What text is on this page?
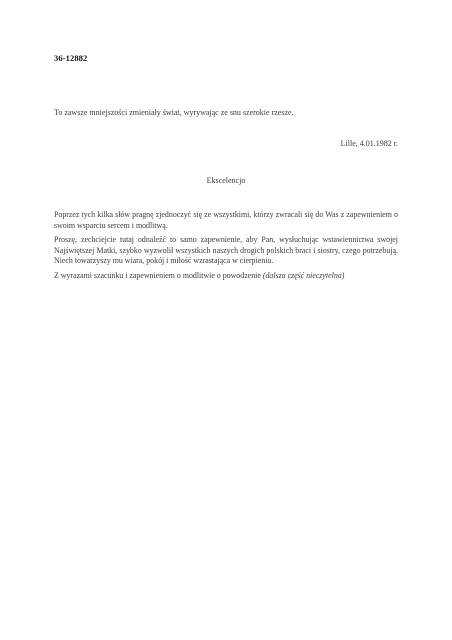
36-12882
To zawsze mniejszości zmieniały świat, wyrywając ze snu szerokie rzesze.
Lille, 4.01.1982 r.
Ekscelencjo

Poprzez tych kilka słów pragnę zjednoczyć się ze wszystkimi, którzy zwracali się do Was z zapewnieniem o swoim wsparciu sercem i modlitwą.

Proszę, zechciejcie tutaj odnaleźć to samo zapewnienie, aby Pan, wysłuchując wstawiennictwa swojej Najświętszej Matki, szybko wyzwolił wszystkich naszych drogich polskich braci i siostry, czego potrzebują. Niech towarzyszy mu wiara, pokój i miłość wzrastająca w cierpieniu.

Z wyrazami szacunku i zapewnieniem o modlitwie o powodzenie (dalsza część nieczytelna)
